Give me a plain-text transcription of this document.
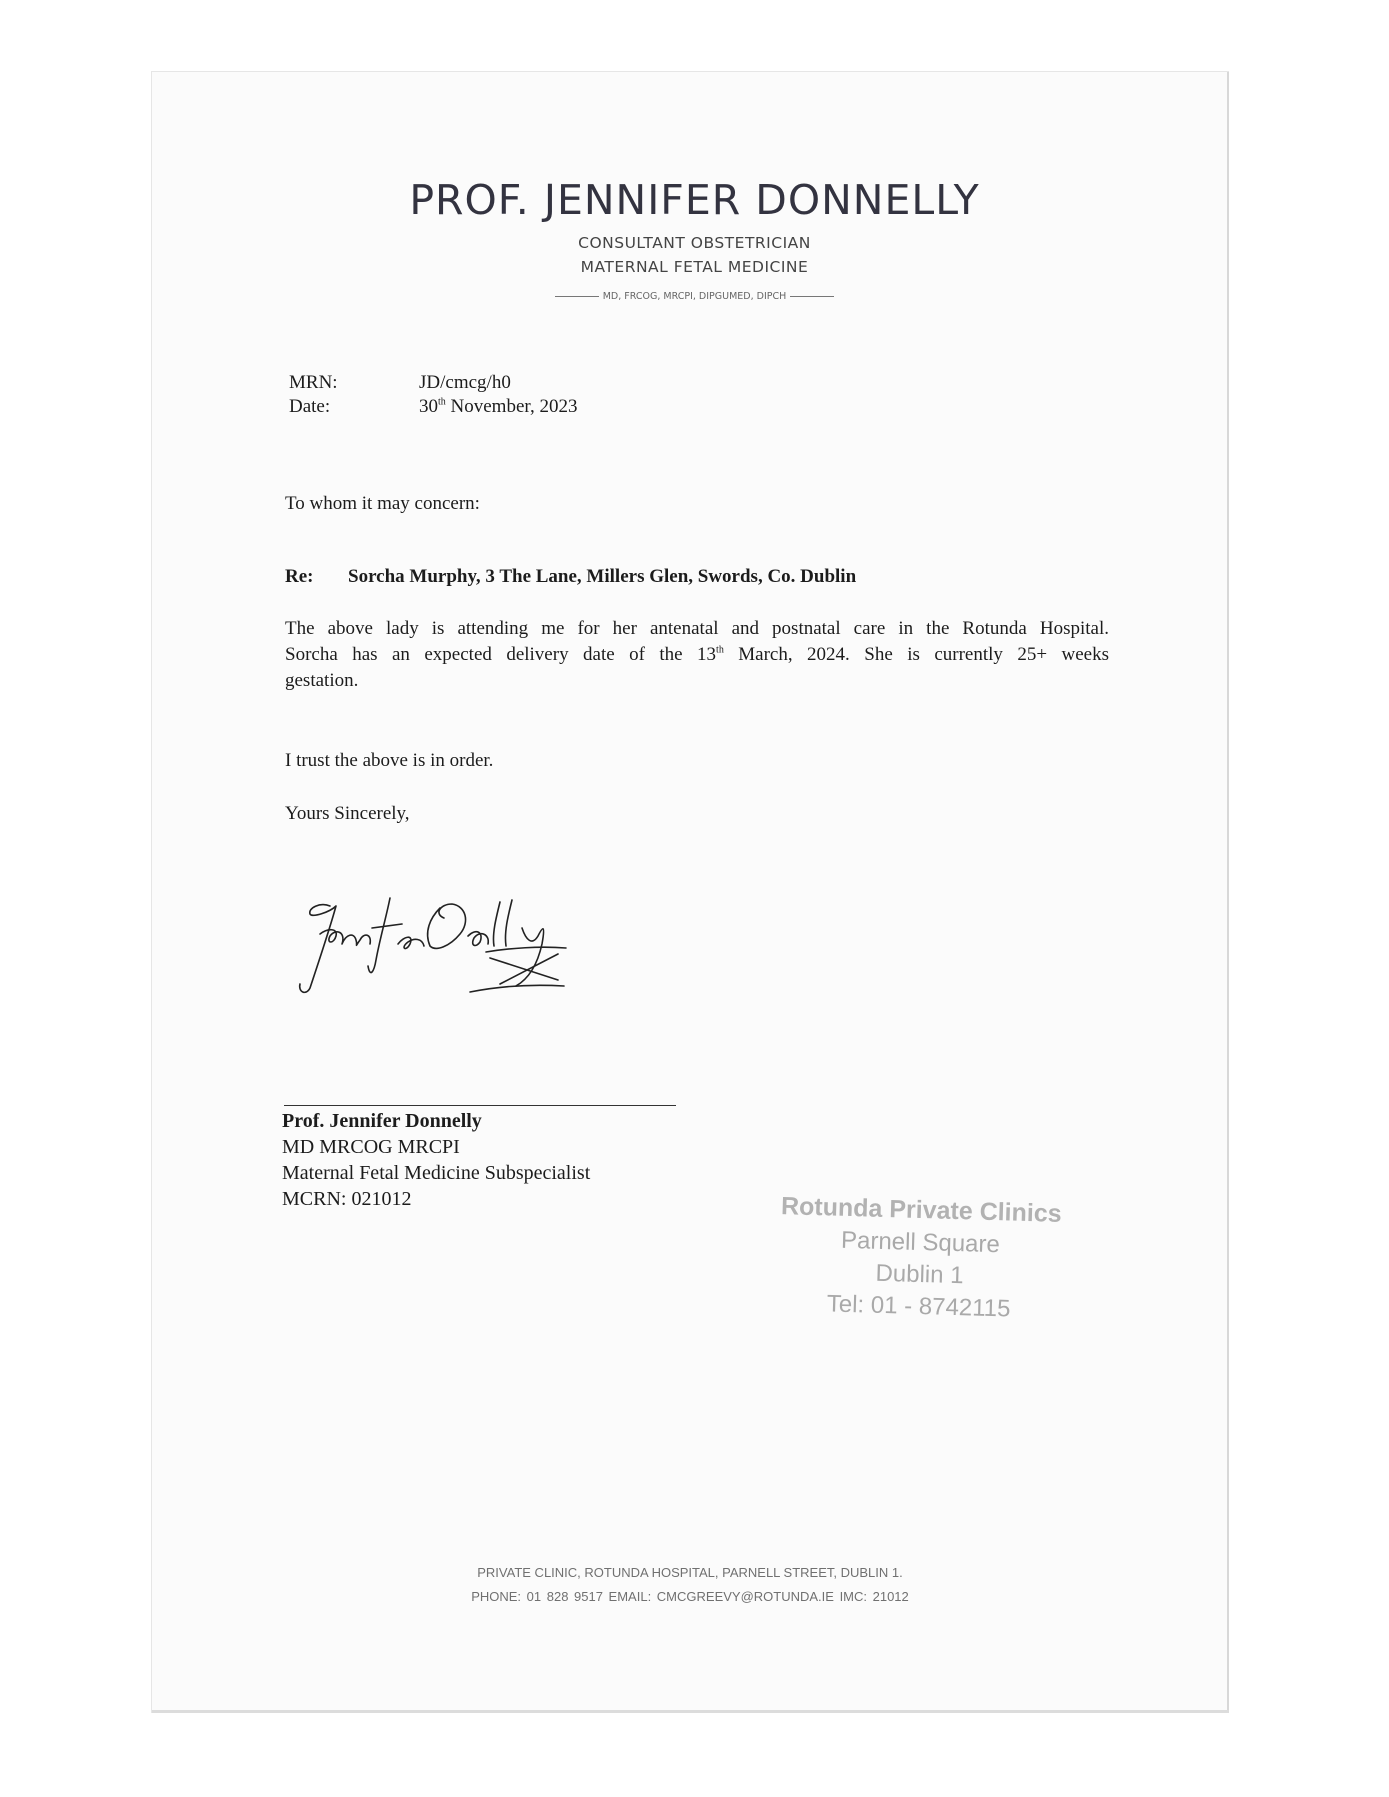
PROF. JENNIFER DONNELLY
CONSULTANT OBSTETRICIAN
MATERNAL FETAL MEDICINE
MD, FRCOG, MRCPI, DIPGUMED, DIPCH
MRN:	JD/cmcg/h0
Date:	30th November, 2023
To whom it may concern:
Re: Sorcha Murphy, 3 The Lane, Millers Glen, Swords, Co. Dublin
The above lady is attending me for her antenatal and postnatal care in the Rotunda Hospital.
Sorcha has an expected delivery date of the 13th March, 2024. She is currently 25+ weeks
gestation.
I trust the above is in order.
Yours Sincerely,
Prof. Jennifer Donnelly
MD MRCOG MRCPI
Maternal Fetal Medicine Subspecialist
MCRN: 021012	Rotunda Private Clinics
Parnell Square
Dublin 1
Tel: 01 - 8742115
PRIVATE CLINIC, ROTUNDA HOSPITAL, PARNELL STREET, DUBLIN 1.
PHONE: 01 828 9517 EMAIL: CMCGREEVY@ROTUNDA.IE IMC: 21012
